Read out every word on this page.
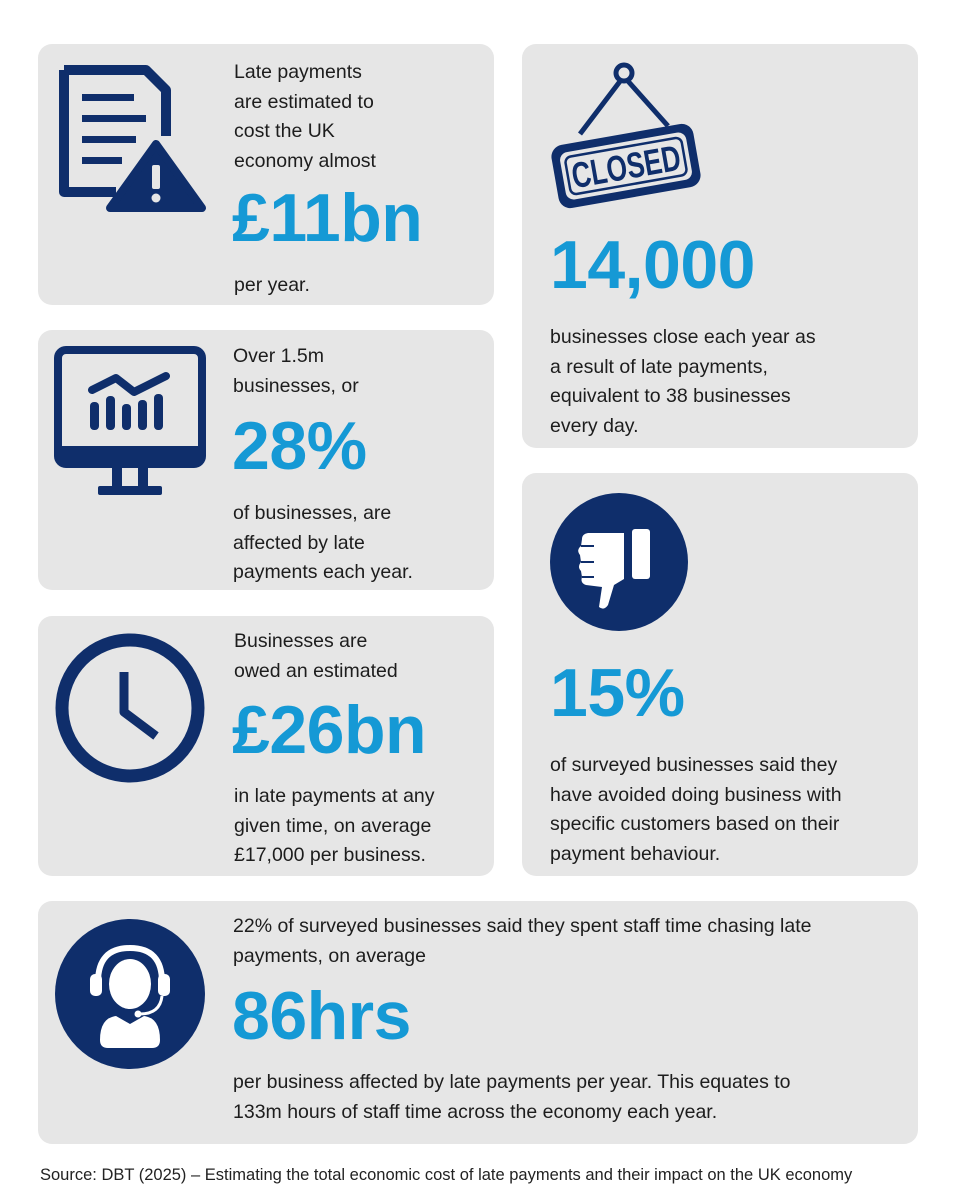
Late payments
are estimated to
cost the UK
economy almost
£11bn
per year.
CLOSED
14,000
businesses close each year as
a result of late payments,
equivalent to 38 businesses
every day.
Over 1.5m
businesses, or
28%
of businesses, are
affected by late
payments each year.
Businesses are
owed an estimated
£26bn
in late payments at any
given time, on average
£17,000 per business.
15%
of surveyed businesses said they
have avoided doing business with
specific customers based on their
payment behaviour.
22% of surveyed businesses said they spent staff time chasing late
payments, on average
86hrs
per business affected by late payments per year. This equates to
133m hours of staff time across the economy each year.
Source: DBT (2025) – Estimating the total economic cost of late payments and their impact on the UK economy
